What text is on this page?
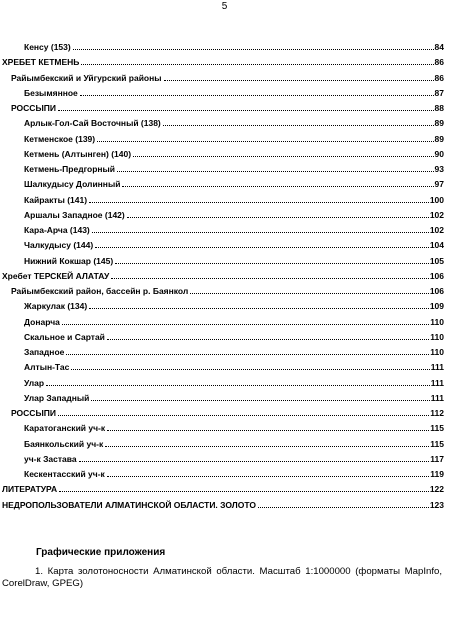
5
Кенсу (153)	84
ХРЕБЕТ КЕТМЕНЬ	86
Райымбекский и Уйгурский районы	86
Безымянное	87
РОССЫПИ	88
Арлык-Гол-Сай Восточный (138)	89
Кетменское (139)	89
Кетмень (Алтынген) (140)	90
Кетмень-Предгорный	93
Шалкудысу Долинный	97
Кайракты (141)	100
Аршалы Западное (142)	102
Кара-Арча (143)	102
Чалкудысу (144)	104
Нижний Кокшар (145)	105
Хребет ТЕРСКЕЙ АЛАТАУ	106
Райымбекский район, бассейн р. Баянкол	106
Жаркулак (134)	109
Донарча	110
Скальное и Сартай	110
Западное	110
Алтын-Тас	111
Улар	111
Улар Западный	111
РОССЫПИ	112
Каратоганский уч-к	115
Баянкольский уч-к	115
уч-к Застава	117
Кескентасский уч-к	119
ЛИТЕРАТУРА	122
НЕДРОПОЛЬЗОВАТЕЛИ АЛМАТИНСКОЙ ОБЛАСТИ. ЗОЛОТО	123
Графические приложения
1. Карта золотоносности Алматинской области. Масштаб 1:1000000 (форматы MapInfo, CorelDraw, GPEG)
